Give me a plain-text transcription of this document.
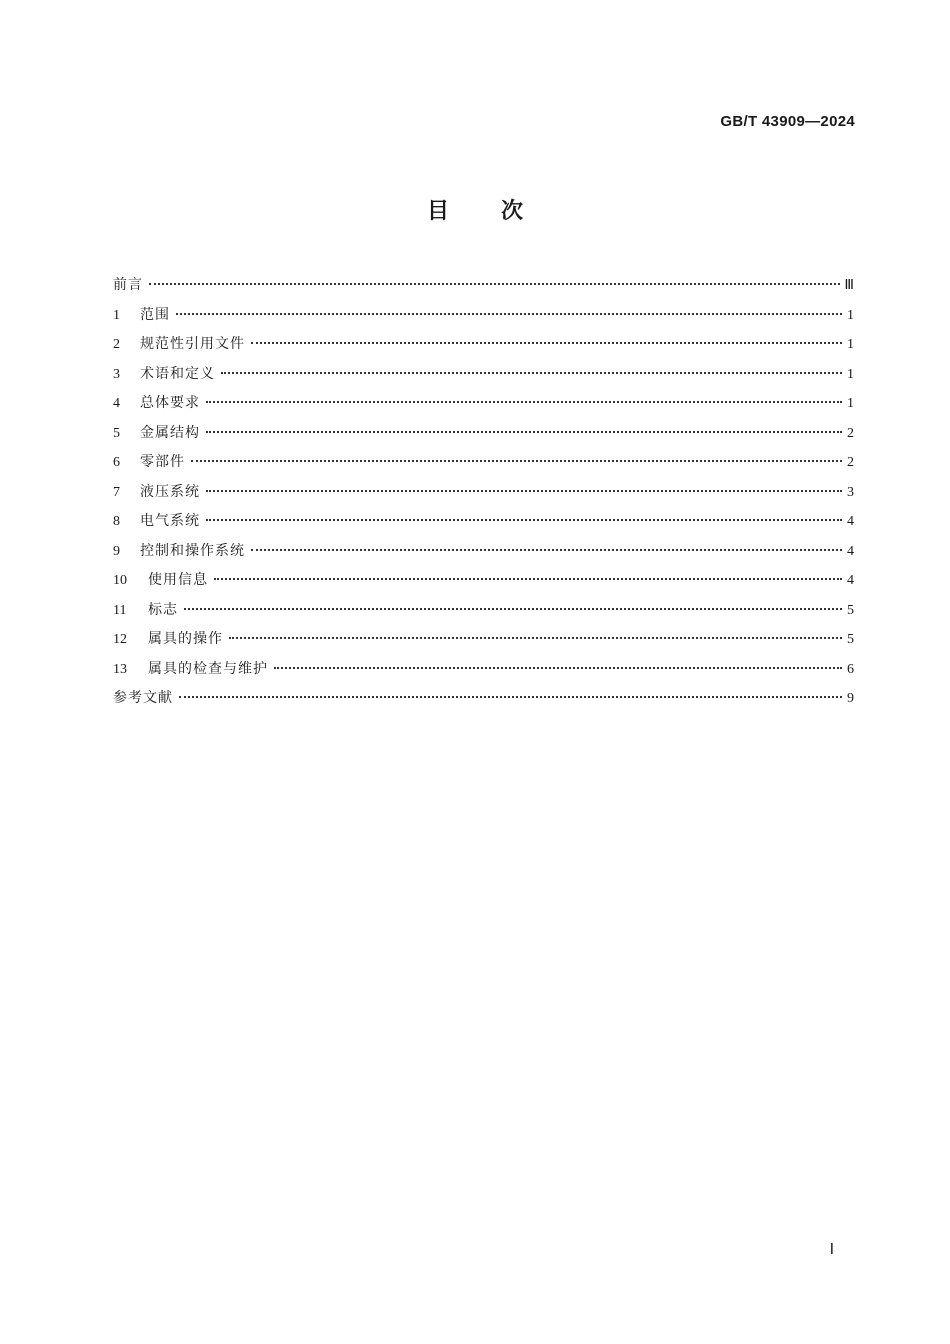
GB/T 43909—2024
目 次
前言	Ⅲ
1	范围	1
2	规范性引用文件	1
3	术语和定义	1
4	总体要求	1
5	金属结构	2
6	零部件	2
7	液压系统	3
8	电气系统	4
9	控制和操作系统	4
10	使用信息	4
11	标志	5
12	属具的操作	5
13	属具的检查与维护	6
参考文献	9
Ⅰ
